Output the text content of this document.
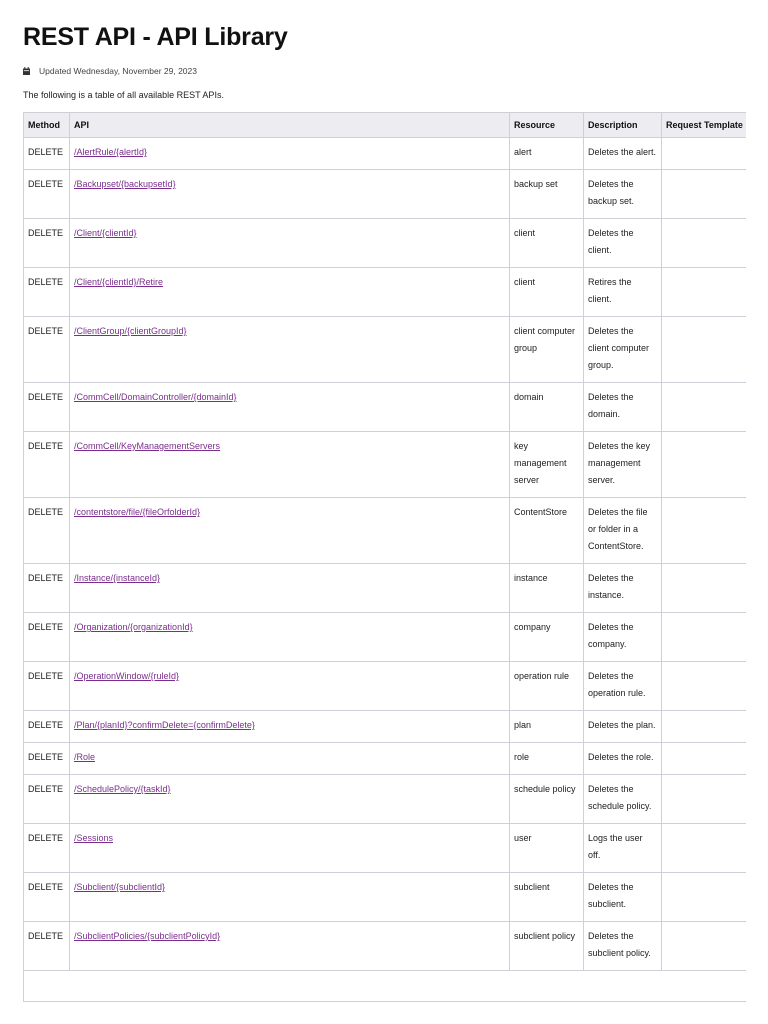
REST API - API Library
Updated Wednesday, November 29, 2023
The following is a table of all available REST APIs.
Method	API	Resource	Description	Request Template
DELETE	/AlertRule/{alertId}	alert	Deletes the alert.	
DELETE	/Backupset/{backupsetId}	backup set	Deletes the backup set.	
DELETE	/Client/{clientId}	client	Deletes the client.	
DELETE	/Client/{clientId}/Retire	client	Retires the client.	
DELETE	/ClientGroup/{clientGroupId}	client computer group	Deletes the client computer group.	
DELETE	/CommCell/DomainController/{domainId}	domain	Deletes the domain.	
DELETE	/CommCell/KeyManagementServers	key management server	Deletes the key management server.	
DELETE	/contentstore/file/{fileOrfolderId}	ContentStore	Deletes the file or folder in a ContentStore.	
DELETE	/Instance/{instanceId}	instance	Deletes the instance.	
DELETE	/Organization/{organizationId}	company	Deletes the company.	
DELETE	/OperationWindow/{ruleId}	operation rule	Deletes the operation rule.	
DELETE	/Plan/{planId}?confirmDelete={confirmDelete}	plan	Deletes the plan.	
DELETE	/Role	role	Deletes the role.	
DELETE	/SchedulePolicy/{taskId}	schedule policy	Deletes the schedule policy.	
DELETE	/Sessions	user	Logs the user off.	
DELETE	/Subclient/{subclientId}	subclient	Deletes the subclient.	
DELETE	/SubclientPolicies/{subclientPolicyId}	subclient policy	Deletes the subclient policy.	
